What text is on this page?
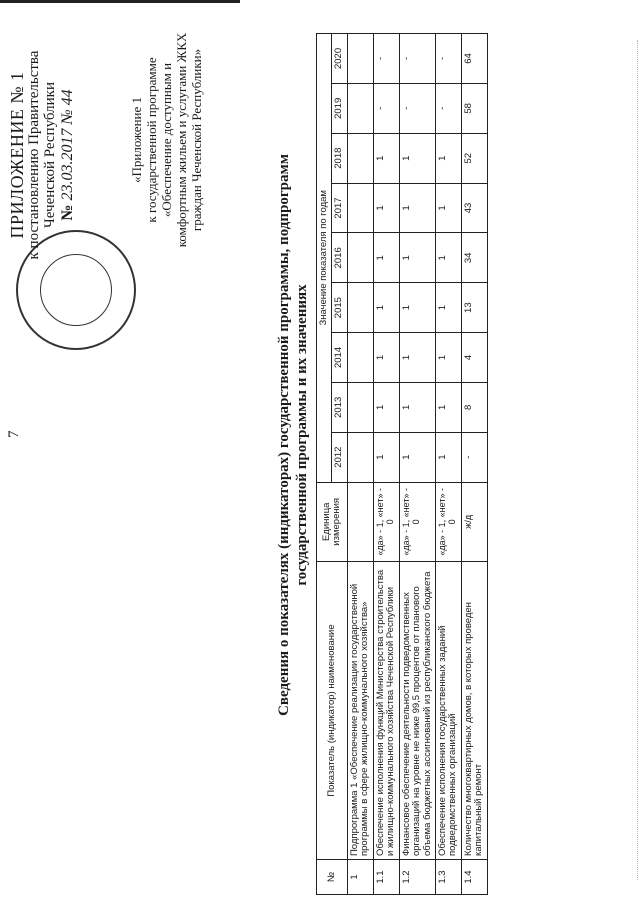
7
ПРИЛОЖЕНИЕ № 1
к постановлению Правительства Чеченской Республики № 23.03.2017 № 44	«Приложение 1 к государственной программе «Обеспечение доступным и комфортным жильем и услугами ЖКХ граждан Чеченской Республики»
Сведения о показателях (индикаторах) государственной программы, подпрограмм государственной программы и их значениях
№	Показатель (индикатор) наименование	Единица измерения	Значение показателя по годам								
			2012	2013	2014	2015	2016	2017	2018	2019	2020
1	Подпрограмма 1 «Обеспечение реализации государственной программы в сфере жилищно-коммунального хозяйства»										
1.1	Обеспечение исполнения функций Министерства строительства и жилищно-коммунального хозяйства Чеченской Республики	«да» - 1, «нет» - 0	1	1	1	1	1	1	1	-	-
1.2	Финансовое обеспечение деятельности подведомственных организаций на уровне не ниже 99,5 процентов от планового объема бюджетных ассигнований из республиканского бюджета	«да» - 1, «нет» - 0	1	1	1	1	1	1	1	-	-
1.3	Обеспечение исполнения государственных заданий подведомственных организаций	«да» - 1, «нет» - 0	1	1	1	1	1	1	1	-	-
1.4	Количество многоквартирных домов, в которых проведен капитальный ремонт	ж/д	-	8	4	13	34	43	52	58	64
